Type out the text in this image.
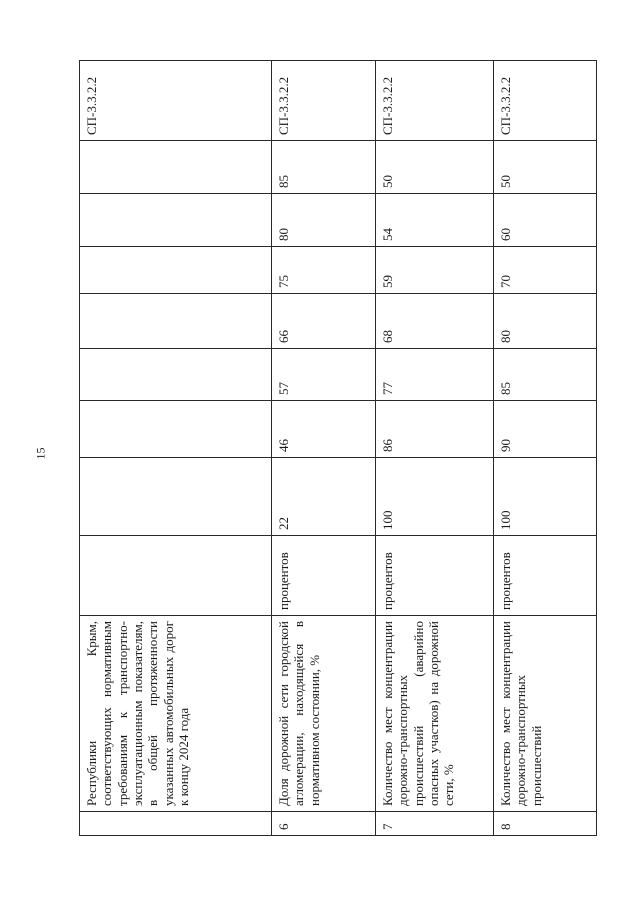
15
	Республики Крым, соответствующих нормативным требованиям к транспортно-эксплуатационным показателям, в общей протяженности указанных автомобильных дорог к концу 2024 года									СП-3.3.2.2
6	Доля дорожной сети городской агломерации, находящейся в нормативном состоянии, %	процентов	22	46	57	66	75	80	85	СП-3.3.2.2
7	Количество мест концентрации дорожно-транспортных происшествий (аварийно опасных участков) на дорожной сети, %	процентов	100	86	77	68	59	54	50	СП-3.3.2.2
8	Количество мест концентрации дорожно-транспортных происшествий	процентов	100	90	85	80	70	60	50	СП-3.3.2.2
